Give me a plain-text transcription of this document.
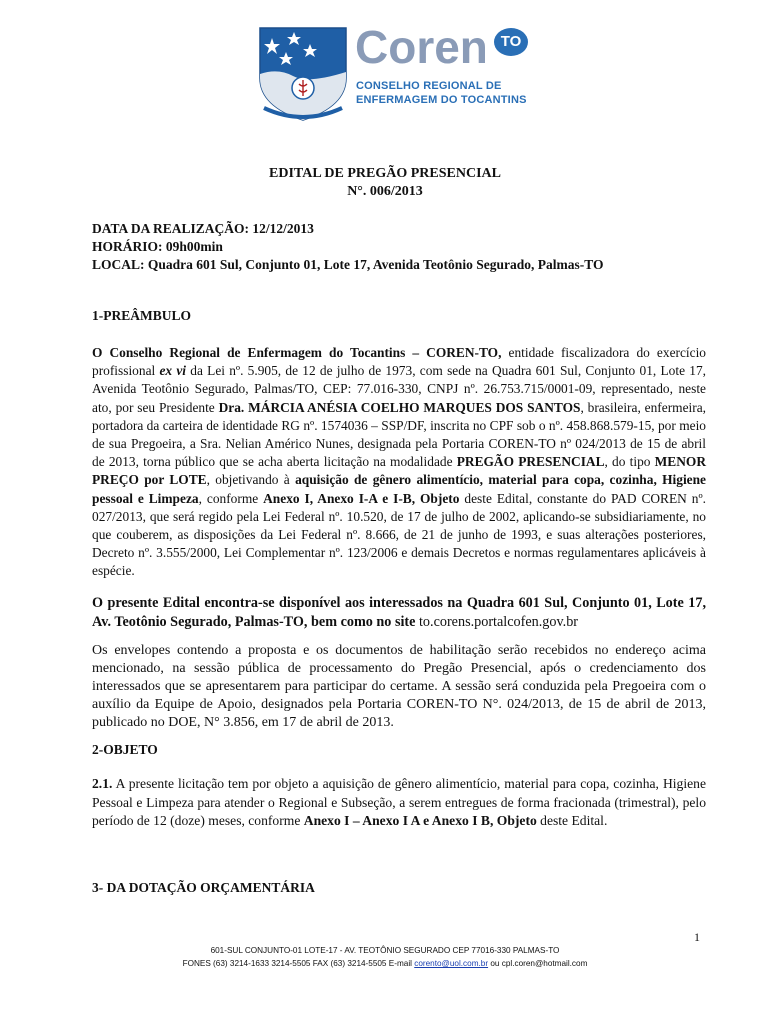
Coren TO
CONSELHO REGIONAL DE
ENFERMAGEM DO TOCANTINS
EDITAL DE PREGÃO PRESENCIAL
N°. 006/2013
DATA DA REALIZAÇÃO: 12/12/2013
HORÁRIO: 09h00min
LOCAL: Quadra 601 Sul, Conjunto 01, Lote 17, Avenida Teotônio Segurado, Palmas-TO
1-PREÂMBULO

O Conselho Regional de Enfermagem do Tocantins – COREN-TO, entidade fiscalizadora do exercício profissional ex vi da Lei nº. 5.905, de 12 de julho de 1973, com sede na Quadra 601 Sul, Conjunto 01, Lote 17, Avenida Teotônio Segurado, Palmas/TO, CEP: 77.016-330, CNPJ nº. 26.753.715/0001-09, representado, neste ato, por seu Presidente Dra. MÁRCIA ANÉSIA COELHO MARQUES DOS SANTOS, brasileira, enfermeira, portadora da carteira de identidade RG nº. 1574036 – SSP/DF, inscrita no CPF sob o nº. 458.868.579-15, por meio de sua Pregoeira, a Sra. Nelian Américo Nunes, designada pela Portaria COREN-TO nº 024/2013 de 15 de abril de 2013, torna público que se acha aberta licitação na modalidade PREGÃO PRESENCIAL, do tipo MENOR PREÇO por LOTE, objetivando à aquisição de gênero alimentício, material para copa, cozinha, Higiene pessoal e Limpeza, conforme Anexo I, Anexo I-A e I-B, Objeto deste Edital, constante do PAD COREN nº. 027/2013, que será regido pela Lei Federal nº. 10.520, de 17 de julho de 2002, aplicando-se subsidiariamente, no que couberem, as disposições da Lei Federal nº. 8.666, de 21 de junho de 1993, e suas alterações posteriores, Decreto nº. 3.555/2000, Lei Complementar nº. 123/2006 e demais Decretos e normas regulamentares aplicáveis à espécie.

O presente Edital encontra-se disponível aos interessados na Quadra 601 Sul, Conjunto 01, Lote 17, Av. Teotônio Segurado, Palmas-TO, bem como no site to.corens.portalcofen.gov.br

Os envelopes contendo a proposta e os documentos de habilitação serão recebidos no endereço acima mencionado, na sessão pública de processamento do Pregão Presencial, após o credenciamento dos interessados que se apresentarem para participar do certame. A sessão será conduzida pela Pregoeira com o auxílio da Equipe de Apoio, designados pela Portaria COREN-TO N°. 024/2013, de 15 de abril de 2013, publicado no DOE, N° 3.856, em 17 de abril de 2013.

2-OBJETO

2.1. A presente licitação tem por objeto a aquisição de gênero alimentício, material para copa, cozinha, Higiene Pessoal e Limpeza para atender o Regional e Subseção, a serem entregues de forma fracionada (trimestral), pelo período de 12 (doze) meses, conforme Anexo I – Anexo I A e Anexo I B, Objeto deste Edital.

3- DA DOTAÇÃO ORÇAMENTÁRIA
1
601-SUL CONJUNTO-01 LOTE-17 - AV. TEOTÔNIO SEGURADO CEP 77016-330 PALMAS-TO
FONES (63) 3214-1633 3214-5505 FAX (63) 3214-5505 E-mail corento@uol.com.br ou cpl.coren@hotmail.com
